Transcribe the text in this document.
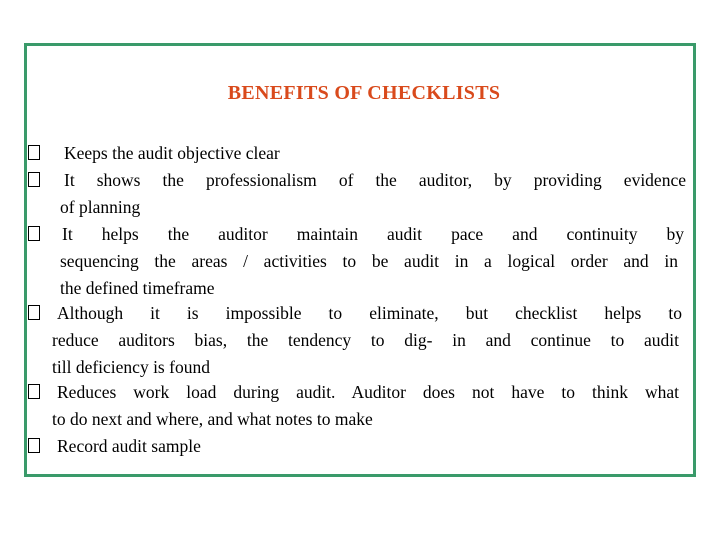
BENEFITS OF CHECKLISTS
Keeps the audit objective clear
It shows the professionalism of the auditor, by providing evidence
of planning
It helps the auditor maintain audit pace and continuity by
sequencing the areas / activities to be audit in a logical order and in
the defined timeframe
Although it is impossible to eliminate, but checklist helps to
reduce auditors bias, the tendency to dig- in and continue to audit
till deficiency is found
Reduces work load during audit. Auditor does not have to think what
to do next and where, and what notes to make
Record audit sample
